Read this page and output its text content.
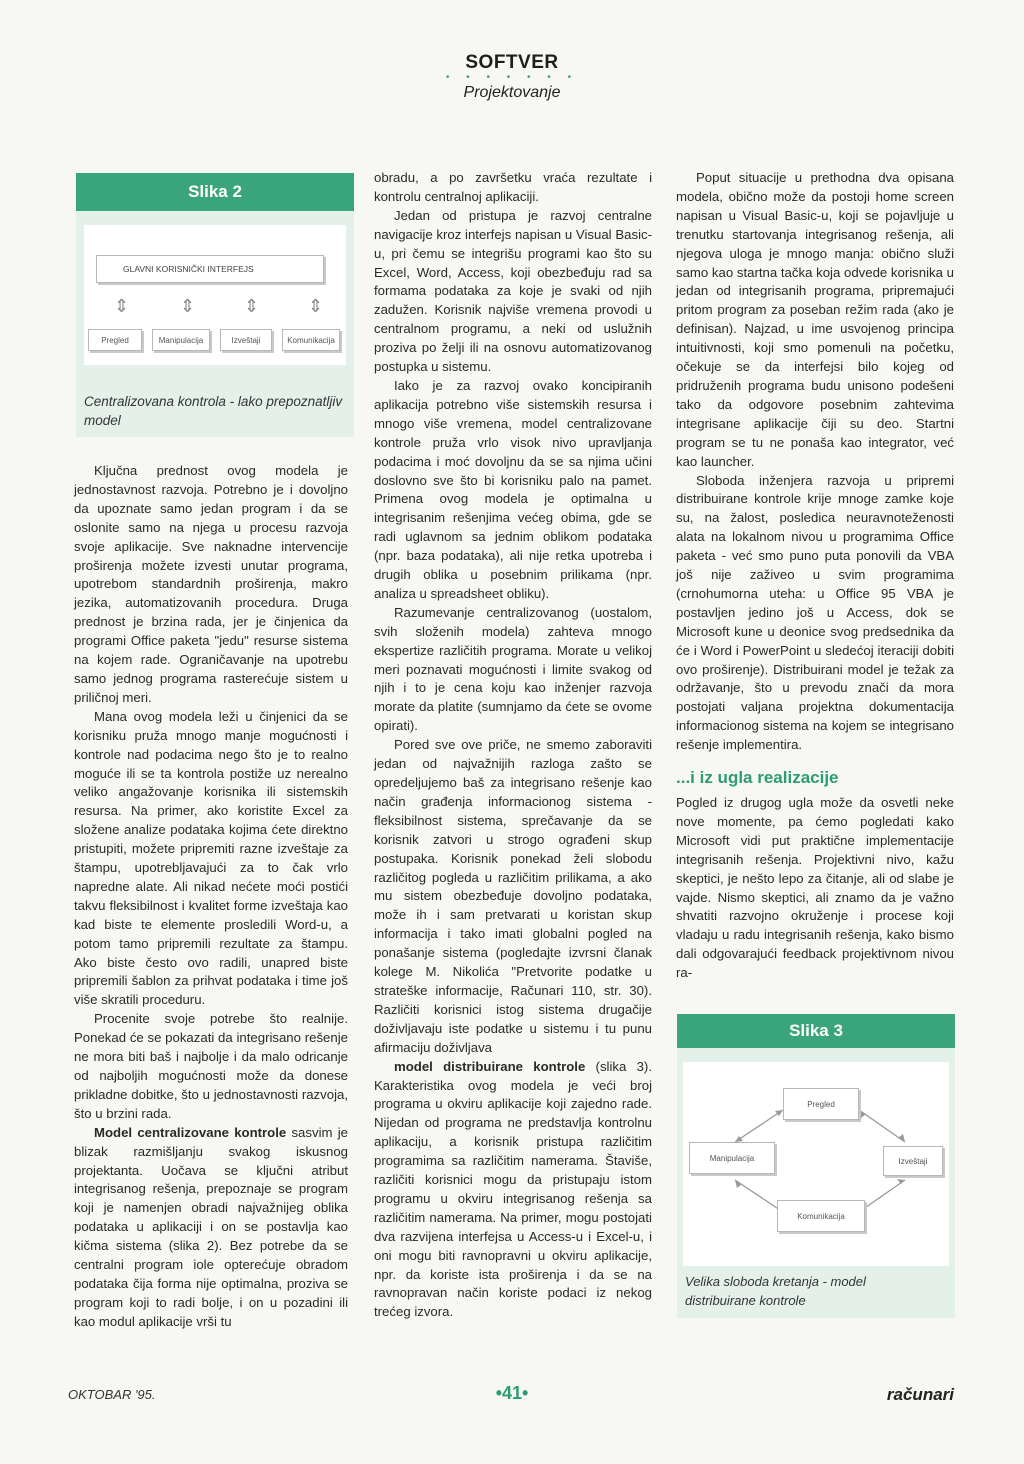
SOFTVER
• • • • • • •
Projektovanje
Slika 2
GLAVNI KORISNIČKI INTERFEJS
⇕	⇕	⇕	⇕
Pregled	Manipulacija	Izveštaji	Komunikacija
Centralizovana kontrola - lako prepoznatljiv model

Ključna prednost ovog modela je jednostavnost razvoja. Potrebno je i dovoljno da upoznate samo jedan program i da se oslonite samo na njega u procesu razvoja svoje aplikacije. Sve naknadne intervencije proširenja možete izvesti unutar programa, upotrebom standardnih proširenja, makro jezika, automatizovanih procedura. Druga prednost je brzina rada, jer je činjenica da programi Office paketa "jedu" resurse sistema na kojem rade. Ograničavanje na upotrebu samo jednog programa rasterećuje sistem u priličnoj meri.

Mana ovog modela leži u činjenici da se korisniku pruža mnogo manje mogućnosti i kontrole nad podacima nego što je to realno moguće ili se ta kontrola postiže uz nerealno veliko angažovanje korisnika ili sistemskih resursa. Na primer, ako koristite Excel za složene analize podataka kojima ćete direktno pristupiti, možete pripremiti razne izveštaje za štampu, upotrebljavajući za to čak vrlo napredne alate. Ali nikad nećete moći postići takvu fleksibilnost i kvalitet forme izveštaja kao kad biste te elemente prosledili Word-u, a potom tamo pripremili rezultate za štampu. Ako biste često ovo radili, unapred biste pripremili šablon za prihvat podataka i time još više skratili proceduru.

Procenite svoje potrebe što realnije. Ponekad će se pokazati da integrisano rešenje ne mora biti baš i najbolje i da malo odricanje od najboljih mogućnosti može da donese prikladne dobitke, što u jednostavnosti razvoja, što u brzini rada.

Model centralizovane kontrole sasvim je blizak razmišljanju svakog iskusnog projektanta. Uočava se ključni atribut integrisanog rešenja, prepoznaje se program koji je namenjen obradi najvažnijeg oblika podataka u aplikaciji i on se postavlja kao kičma sistema (slika 2). Bez potrebe da se centralni program iole opterećuje obradom podataka čija forma nije optimalna, proziva se program koji to radi bolje, i on u pozadini ili kao modul aplikacije vrši tu

obradu, a po završetku vraća rezultate i kontrolu centralnoj aplikaciji.

Jedan od pristupa je razvoj centralne navigacije kroz interfejs napisan u Visual Basic-u, pri čemu se integrišu programi kao što su Excel, Word, Access, koji obezbeđuju rad sa formama podataka za koje je svaki od njih zadužen. Korisnik najviše vremena provodi u centralnom programu, a neki od uslužnih proziva po želji ili na osnovu automatizovanog postupka u sistemu.

Iako je za razvoj ovako koncipiranih aplikacija potrebno više sistemskih resursa i mnogo više vremena, model centralizovane kontrole pruža vrlo visok nivo upravljanja podacima i moć dovoljnu da se sa njima učini doslovno sve što bi korisniku palo na pamet. Primena ovog modela je optimalna u integrisanim rešenjima većeg obima, gde se radi uglavnom sa jednim oblikom podataka (npr. baza podataka), ali nije retka upotreba i drugih oblika u posebnim prilikama (npr. analiza u spreadsheet obliku).

Razumevanje centralizovanog (uostalom, svih složenih modela) zahteva mnogo ekspertize različitih programa. Morate u velikoj meri poznavati mogućnosti i limite svakog od njih i to je cena koju kao inženjer razvoja morate da platite (sumnjamo da ćete se ovome opirati).

Pored sve ove priče, ne smemo zaboraviti jedan od najvažnijih razloga zašto se opredeljujemo baš za integrisano rešenje kao način građenja informacionog sistema - fleksibilnost sistema, sprečavanje da se korisnik zatvori u strogo ograđeni skup postupaka. Korisnik ponekad želi slobodu različitog pogleda u različitim prilikama, a ako mu sistem obezbeđuje dovoljno podataka, može ih i sam pretvarati u koristan skup informacija i tako imati globalni pogled na ponašanje sistema (pogledajte izvrsni članak kolege M. Nikolića "Pretvorite podatke u strateške informacije, Računari 110, str. 30). Različiti korisnici istog sistema drugačije doživljavaju iste podatke u sistemu i tu punu afirmaciju doživljava

model distribuirane kontrole (slika 3). Karakteristika ovog modela je veći broj programa u okviru aplikacije koji zajedno rade. Nijedan od programa ne predstavlja kontrolnu aplikaciju, a korisnik pristupa različitim programima sa različitim namerama. Štaviše, različiti korisnici mogu da pristupaju istom programu u okviru integrisanog rešenja sa različitim namerama. Na primer, mogu postojati dva razvijena interfejsa u Access-u i Excel-u, i oni mogu biti ravnopravni u okviru aplikacije, npr. da koriste ista proširenja i da se na ravnopravan način koriste podaci iz nekog trećeg izvora.

Poput situacije u prethodna dva opisana modela, obično može da postoji home screen napisan u Visual Basic-u, koji se pojavljuje u trenutku startovanja integrisanog rešenja, ali njegova uloga je mnogo manja: obično služi samo kao startna tačka koja odvede korisnika u jedan od integrisanih programa, pripremajući pritom program za poseban režim rada (ako je definisan). Najzad, u ime usvojenog principa intuitivnosti, koji smo pomenuli na početku, očekuje se da interfejsi bilo kojeg od pridruženih programa budu unisono podešeni tako da odgovore posebnim zahtevima integrisane aplikacije čiji su deo. Startni program se tu ne ponaša kao integrator, već kao launcher.

Sloboda inženjera razvoja u pripremi distribuirane kontrole krije mnoge zamke koje su, na žalost, posledica neuravnoteženosti alata na lokalnom nivou u programima Office paketa - već smo puno puta ponovili da VBA još nije zaživeo u svim programima (crnohumorna uteha: u Office 95 VBA je postavljen jedino još u Access, dok se Microsoft kune u deonice svog predsednika da će i Word i PowerPoint u sledećoj iteraciji dobiti ovo proširenje). Distribuirani model je težak za održavanje, što u prevodu znači da mora postojati valjana projektna dokumentacija informacionog sistema na kojem se integrisano rešenje implementira.

...i iz ugla realizacije

Pogled iz drugog ugla može da osvetli neke nove momente, pa ćemo pogledati kako Microsoft vidi put praktične implementacije integrisanih rešenja. Projektivni nivo, kažu skeptici, je nešto lepo za čitanje, ali od slabe je vajde. Nismo skeptici, ali znamo da je važno shvatiti razvojno okruženje i procese koji vladaju u radu integrisanih rešenja, kako bismo dali odgovarajući feedback projektivnom nivou ra-

Slika 3
Pregled
Manipulacija	Izveštaji
Komunikacija
Velika sloboda kretanja - model distribuirane kontrole
OKTOBAR '95.	•41•	računari
